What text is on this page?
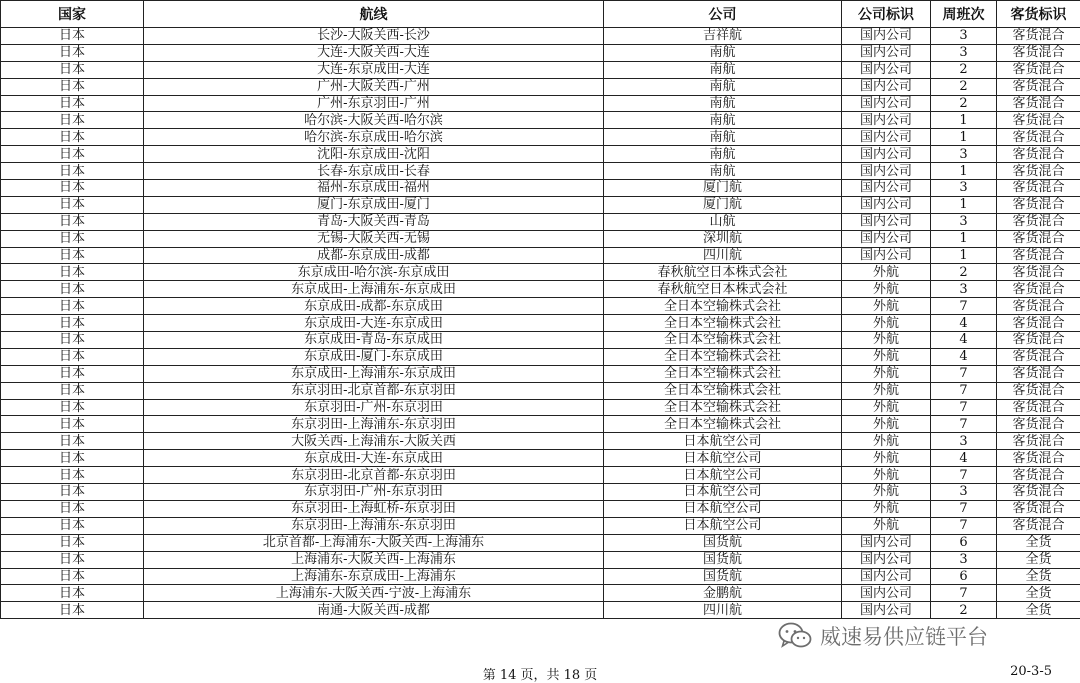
国家	航线	公司	公司标识	周班次	客货标识
日本	长沙-大阪关西-长沙	吉祥航	国内公司	3	客货混合
日本	大连-大阪关西-大连	南航	国内公司	3	客货混合
日本	大连-东京成田-大连	南航	国内公司	2	客货混合
日本	广州-大阪关西-广州	南航	国内公司	2	客货混合
日本	广州-东京羽田-广州	南航	国内公司	2	客货混合
日本	哈尔滨-大阪关西-哈尔滨	南航	国内公司	1	客货混合
日本	哈尔滨-东京成田-哈尔滨	南航	国内公司	1	客货混合
日本	沈阳-东京成田-沈阳	南航	国内公司	3	客货混合
日本	长春-东京成田-长春	南航	国内公司	1	客货混合
日本	福州-东京成田-福州	厦门航	国内公司	3	客货混合
日本	厦门-东京成田-厦门	厦门航	国内公司	1	客货混合
日本	青岛-大阪关西-青岛	山航	国内公司	3	客货混合
日本	无锡-大阪关西-无锡	深圳航	国内公司	1	客货混合
日本	成都-东京成田-成都	四川航	国内公司	1	客货混合
日本	东京成田-哈尔滨-东京成田	春秋航空日本株式会社	外航	2	客货混合
日本	东京成田-上海浦东-东京成田	春秋航空日本株式会社	外航	3	客货混合
日本	东京成田-成都-东京成田	全日本空输株式会社	外航	7	客货混合
日本	东京成田-大连-东京成田	全日本空输株式会社	外航	4	客货混合
日本	东京成田-青岛-东京成田	全日本空输株式会社	外航	4	客货混合
日本	东京成田-厦门-东京成田	全日本空输株式会社	外航	4	客货混合
日本	东京成田-上海浦东-东京成田	全日本空输株式会社	外航	7	客货混合
日本	东京羽田-北京首都-东京羽田	全日本空输株式会社	外航	7	客货混合
日本	东京羽田-广州-东京羽田	全日本空输株式会社	外航	7	客货混合
日本	东京羽田-上海浦东-东京羽田	全日本空输株式会社	外航	7	客货混合
日本	大阪关西-上海浦东-大阪关西	日本航空公司	外航	3	客货混合
日本	东京成田-大连-东京成田	日本航空公司	外航	4	客货混合
日本	东京羽田-北京首都-东京羽田	日本航空公司	外航	7	客货混合
日本	东京羽田-广州-东京羽田	日本航空公司	外航	3	客货混合
日本	东京羽田-上海虹桥-东京羽田	日本航空公司	外航	7	客货混合
日本	东京羽田-上海浦东-东京羽田	日本航空公司	外航	7	客货混合
日本	北京首都-上海浦东-大阪关西-上海浦东	国货航	国内公司	6	全货
日本	上海浦东-大阪关西-上海浦东	国货航	国内公司	3	全货
日本	上海浦东-东京成田-上海浦东	国货航	国内公司	6	全货
日本	上海浦东-大阪关西-宁波-上海浦东	金鹏航	国内公司	7	全货
日本	南通-大阪关西-成都	四川航	国内公司	2	全货
威速易供应链平台
第 14 页，共 18 页	20-3-5
